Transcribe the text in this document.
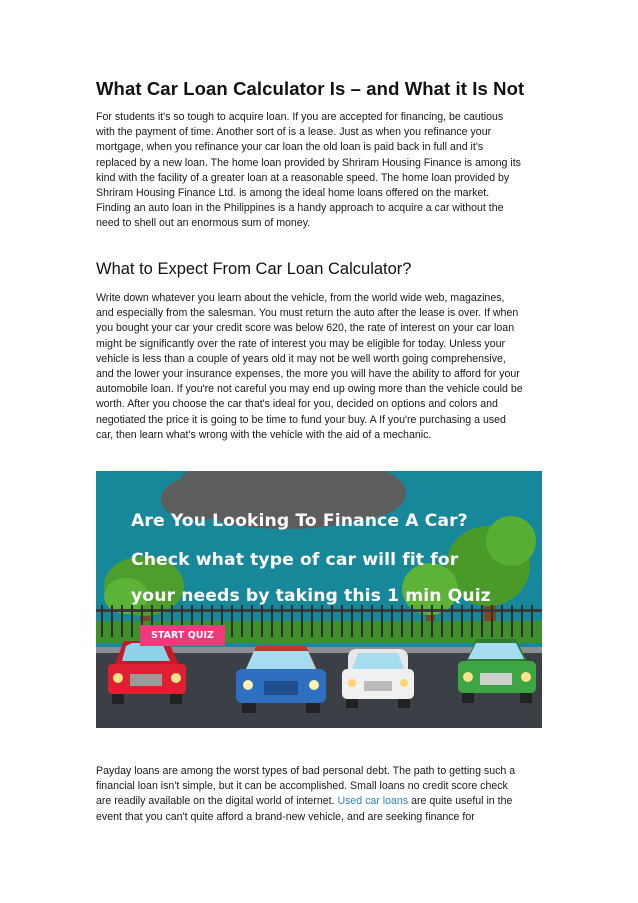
What Car Loan Calculator Is – and What it Is Not
For students it's so tough to acquire loan. If you are accepted for financing, be cautious
with the payment of time. Another sort of is a lease. Just as when you refinance your
mortgage, when you refinance your car loan the old loan is paid back in full and it's
replaced by a new loan. The home loan provided by Shriram Housing Finance is among its
kind with the facility of a greater loan at a reasonable speed. The home loan provided by
Shriram Housing Finance Ltd. is among the ideal home loans offered on the market.
Finding an auto loan in the Philippines is a handy approach to acquire a car without the
need to shell out an enormous sum of money.
What to Expect From Car Loan Calculator?
Write down whatever you learn about the vehicle, from the world wide web, magazines,
and especially from the salesman. You must return the auto after the lease is over. If when
you bought your car your credit score was below 620, the rate of interest on your car loan
might be significantly over the rate of interest you may be eligible for today. Unless your
vehicle is less than a couple of years old it may not be well worth going comprehensive,
and the lower your insurance expenses, the more you will have the ability to afford for your
automobile loan. If you're not careful you may end up owing more than the vehicle could be
worth. After you choose the car that's ideal for you, decided on options and colors and
negotiated the price it is going to be time to fund your buy. A If you're purchasing a used
car, then learn what's wrong with the vehicle with the aid of a mechanic.
Are You Looking To Finance A Car?
Check what type of car will fit for
your needs by taking this 1 min Quiz
START QUIZ
Payday loans are among the worst types of bad personal debt. The path to getting such a
financial loan isn't simple, but it can be accomplished. Small loans no credit score check
are readily available on the digital world of internet. Used car loans are quite useful in the
event that you can't quite afford a brand-new vehicle, and are seeking finance for
